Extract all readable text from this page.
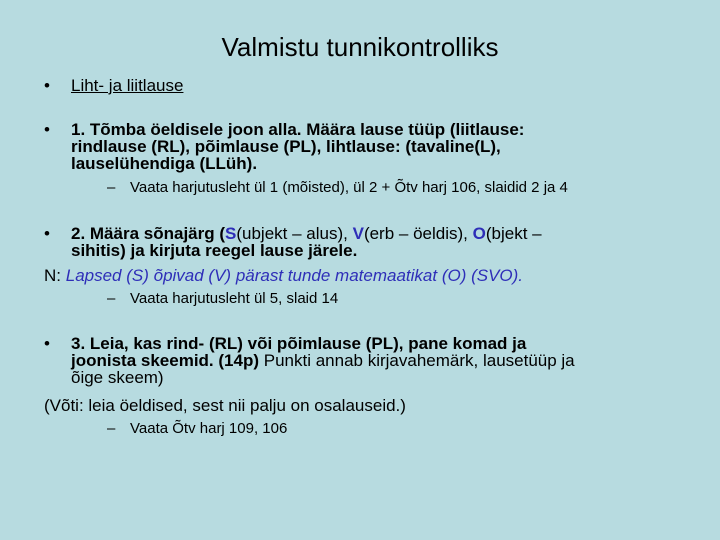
Valmistu tunnikontrolliks
• Liht- ja liitlause
• 1. Tõmba öeldisele joon alla. Määra lause tüüp (liitlause:
rindlause (RL), põimlause (PL), lihtlause: (tavaline(L),
lauselühendiga (LLüh).
– Vaata harjutusleht ül 1 (mõisted), ül 2 + Õtv harj 106, slaidid 2 ja 4
• 2. Määra sõnajärg (S(ubjekt – alus), V(erb – öeldis), O(bjekt –
sihitis) ja kirjuta reegel lause järele.
N: Lapsed (S) õpivad (V) pärast tunde matemaatikat (O) (SVO).
– Vaata harjutusleht ül 5, slaid 14
• 3. Leia, kas rind- (RL) või põimlause (PL), pane komad ja
joonista skeemid. (14p) Punkti annab kirjavahemärk, lausetüüp ja
õige skeem)
(Võti: leia öeldised, sest nii palju on osalauseid.)
– Vaata Õtv harj 109, 106
